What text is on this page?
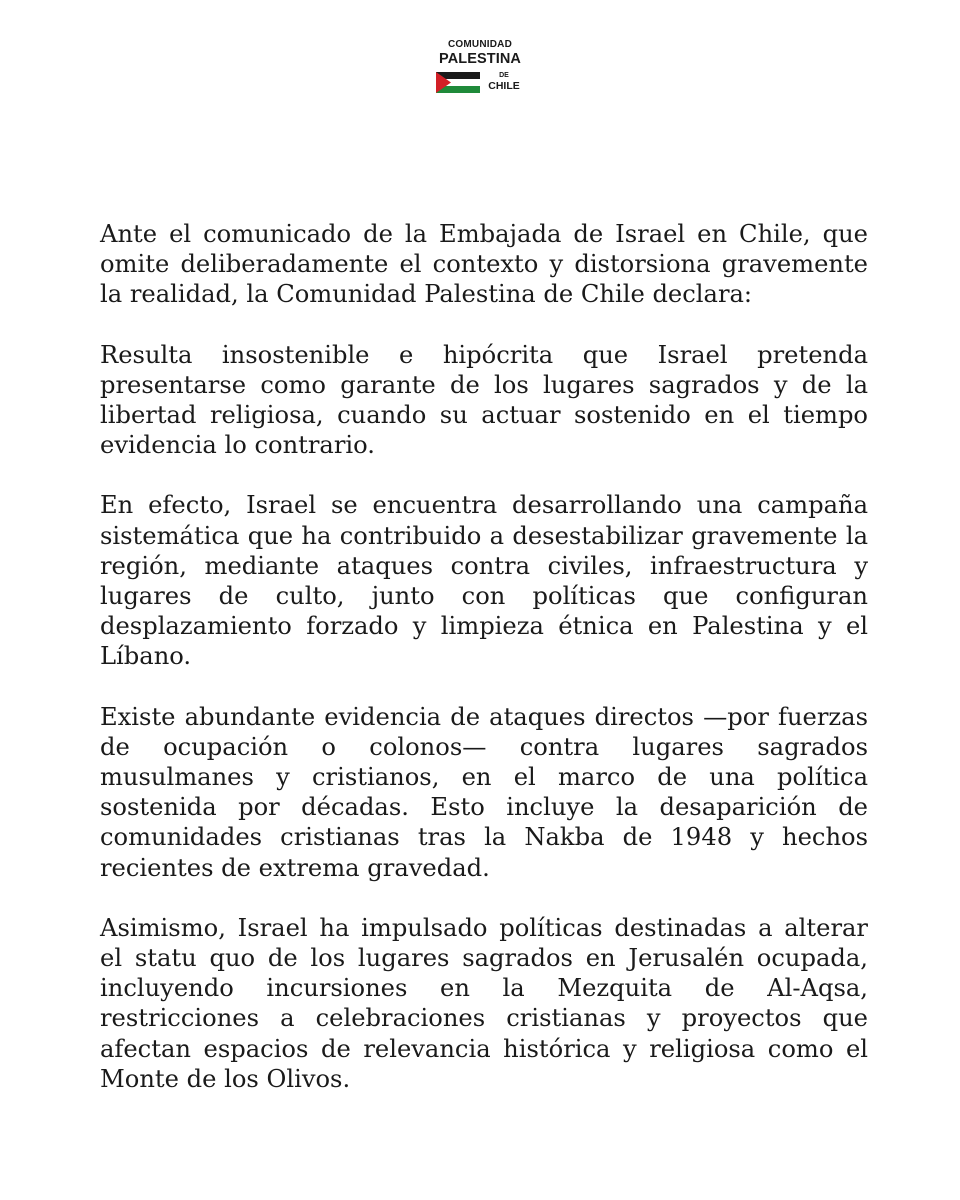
COMUNIDAD
PALESTINA
DE
CHILE

Ante el comunicado de la Embajada de Israel en Chile, que omite deliberadamente el contexto y distorsiona gravemente la realidad, la Comunidad Palestina de Chile declara:

Resulta insostenible e hipócrita que Israel pretenda presentarse como garante de los lugares sagrados y de la libertad religiosa, cuando su actuar sostenido en el tiempo evidencia lo contrario.

En efecto, Israel se encuentra desarrollando una campaña sistemática que ha contribuido a desestabilizar gravemente la región, mediante ataques contra civiles, infraestructura y lugares de culto, junto con políticas que configuran desplazamiento forzado y limpieza étnica en Palestina y el Líbano.

Existe abundante evidencia de ataques directos —por fuerzas de ocupación o colonos— contra lugares sagrados musulmanes y cristianos, en el marco de una política sostenida por décadas. Esto incluye la desaparición de comunidades cristianas tras la Nakba de 1948 y hechos recientes de extrema gravedad.

Asimismo, Israel ha impulsado políticas destinadas a alterar el statu quo de los lugares sagrados en Jerusalén ocupada, incluyendo incursiones en la Mezquita de Al-Aqsa, restricciones a celebraciones cristianas y proyectos que afectan espacios de relevancia histórica y religiosa como el Monte de los Olivos.
